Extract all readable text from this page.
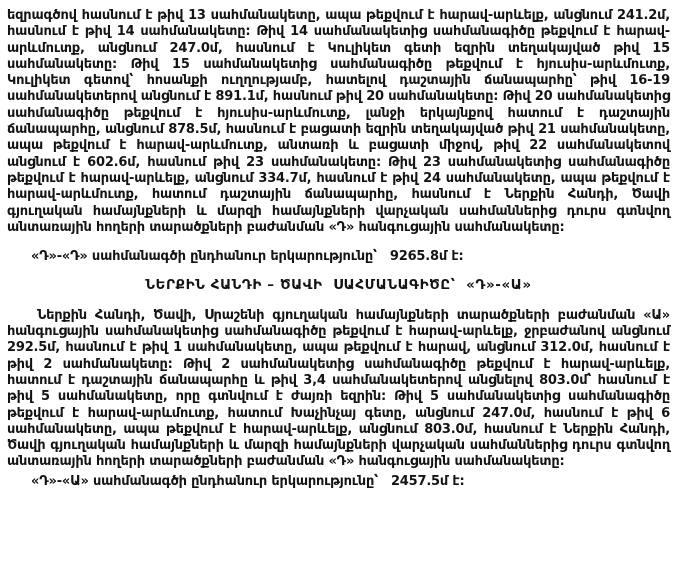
եզրագծով հասնում է թիվ 13 սահմանակետը, ապա թեքվում է հարավ-արևելք, անցնում 241.2մ, հասնում է թիվ 14 սահմանակետը: Թիվ 14 սահմանակետից սահմանագիծը թեքվում է հարավ-արևմուտք, անցնում 247.0մ, հասնում է Կուլիկետ գետի եզրին տեղակայված թիվ 15 սահմանակետը: Թիվ 15 սահմանակետից սահմանագիծը թեքվում է հյուսիս-արևմուտք, Կուլիկետ գետով՝ հոսանքի ուղղությամբ, հատելով դաշտային ճանապարհը՝ թիվ 16-19 սահմանակետերով անցնում է 891.1մ, հասնում թիվ 20 սահմանակետը: Թիվ 20 սահմանակետից սահմանագիծը թեքվում է հյուսիս-արևմուտք, լանջի երկայնքով հատում է դաշտային ճանապարհը, անցնում 878.5մ, հասնում է բացատի եզրին տեղակայված թիվ 21 սահմանակետը, ապա թեքվում է հարավ-արևմուտք, անտառի և բացատի միջով, թիվ 22 սահմանակետով անցնում է 602.6մ, հասնում թիվ 23 սահմանակետը: Թիվ 23 սահմանակետից սահմանագիծը թեքվում է հարավ-արևելք, անցնում 334.7մ, հասնում է թիվ 24 սահմանակետը, ապա թեքվում է հարավ-արևմուտք, հատում դաշտային ճանապարհը, հասնում է Ներքին Հանդի, Ծավի գյուղական համայնքների և մարզի համայնքների վարչական սահմաններից դուրս գտնվող անտառային հողերի տարածքների բաժանման «Դ» հանգուցային սահմանակետը:

«Դ»-«Դ» սահմանագծի ընդհանուր երկարությունը՝   9265.8մ է:

ՆԵՐՔԻՆ ՀԱՆԴԻ – ԾԱՎԻ  ՍԱՀՄԱՆԱԳԻԾԸ՝  «Դ»-«Ա»

Ներքին Հանդի, Ծավի, Սրաշենի գյուղական համայնքների տարածքների բաժանման «Ա» հանգուցային սահմանակետից սահմանագիծը թեքվում է հարավ-արևելք, ջրբաժանով անցնում 292.5մ, հասնում է թիվ 1 սահմանակետը, ապա թեքվում է հարավ, անցնում 312.0մ, հասնում է թիվ 2 սահմանակետը: Թիվ 2 սահմանակետից սահմանագիծը թեքվում է հարավ-արևելք, հատում է դաշտային ճանապարհը և թիվ 3,4 սահմանակետերով անցնելով 803.0մ՝ հասնում է թիվ 5 սահմանակետը, որը գտնվում է ժայռի եզրին: Թիվ 5 սահմանակետից սահմանագիծը թեքվում է հարավ-արևմուտք, հատում Խաչինչայ գետը, անցնում 247.0մ, հասնում է թիվ 6 սահմանակետը, ապա թեքվում է հարավ-արևելք, անցնում 803.0մ, հասնում է Ներքին Հանդի, Ծավի գյուղական համայնքների և մարզի համայնքների վարչական սահմաններից դուրս գտնվող անտառային հողերի տարածքների բաժանման «Դ» հանգուցային սահմանակետը:

«Դ»-«Ա» սահմանագծի ընդհանուր երկարությունը՝   2457.5մ է:
